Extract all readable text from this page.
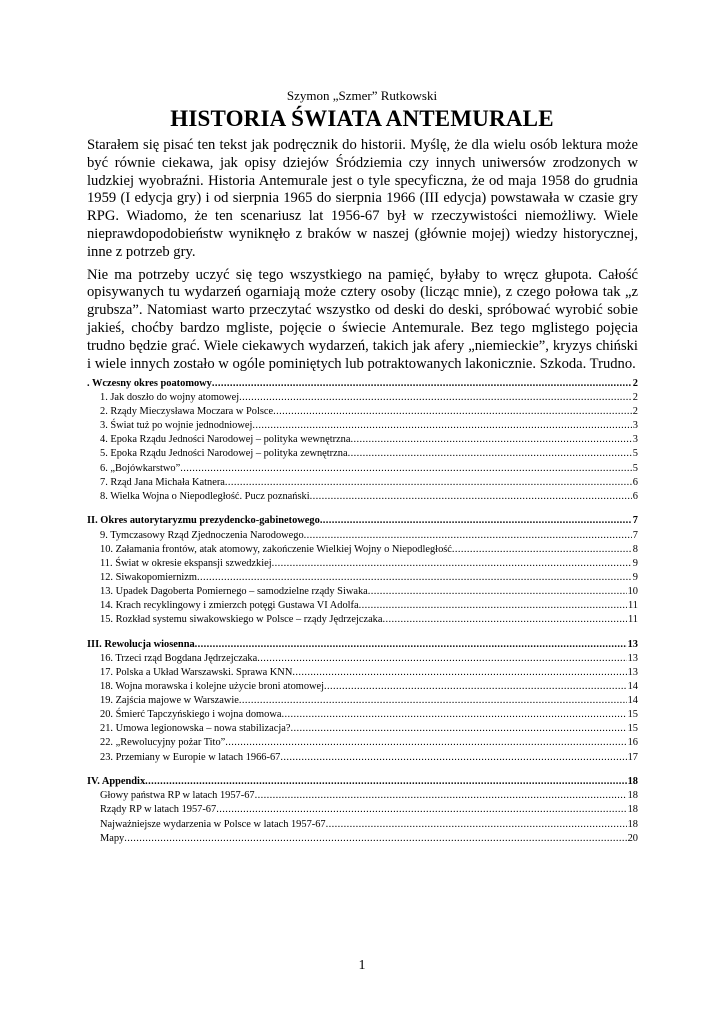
Szymon „Szmer” Rutkowski
HISTORIA ŚWIATA ANTEMURALE

Starałem się pisać ten tekst jak podręcznik do historii. Myślę, że dla wielu osób lektura może być równie ciekawa, jak opisy dziejów Śródziemia czy innych uniwersów zrodzonych w ludzkiej wyobraźni. Historia Antemurale jest o tyle specyficzna, że od maja 1958 do grudnia 1959 (I edycja gry) i od sierpnia 1965 do sierpnia 1966 (III edycja) powstawała w czasie gry RPG. Wiadomo, że ten scenariusz lat 1956-67 był w rzeczywistości niemożliwy. Wiele nieprawdopodobieństw wyniknęło z braków w naszej (głównie mojej) wiedzy historycznej, inne z potrzeb gry.

Nie ma potrzeby uczyć się tego wszystkiego na pamięć, byłaby to wręcz głupota. Całość opisywanych tu wydarzeń ogarniają może cztery osoby (licząc mnie), z czego połowa tak „z grubsza”. Natomiast warto przeczytać wszystko od deski do deski, spróbować wyrobić sobie jakieś, choćby bardzo mgliste, pojęcie o świecie Antemurale. Bez tego mglistego pojęcia trudno będzie grać. Wiele ciekawych wydarzeń, takich jak afery „niemieckie”, kryzys chiński i wiele innych zostało w ogóle pominiętych lub potraktowanych lakonicznie. Szkoda. Trudno.

. Wczesny okres poatomowy .....	2
1. Jak doszło do wojny atomowej .....	2
2. Rządy Mieczysława Moczara w Polsce .....	2
3. Świat tuż po wojnie jednodniowej .....	3
4. Epoka Rządu Jedności Narodowej – polityka wewnętrzna .....	3
5. Epoka Rządu Jedności Narodowej – polityka zewnętrzna .....	5
6. „Bojówkarstwo” .....	5
7. Rząd Jana Michała Katnera .....	6
8. Wielka Wojna o Niepodległość. Pucz poznański .....	6
II. Okres autorytaryzmu prezydencko-gabinetowego .....	7
9. Tymczasowy Rząd Zjednoczenia Narodowego .....	7
10. Załamania frontów, atak atomowy, zakończenie Wielkiej Wojny o Niepodległość .....	8
11. Świat w okresie ekspansji szwedzkiej .....	9
12. Siwakopomiernizm .....	9
13. Upadek Dagoberta Pomiernego – samodzielne rządy Siwaka .....	10
14. Krach recyklingowy i zmierzch potęgi Gustawa VI Adolfa .....	11
15. Rozkład systemu siwakowskiego w Polsce – rządy Jędrzejczaka .....	11
III. Rewolucja wiosenna .....	13
16. Trzeci rząd Bogdana Jędrzejczaka .....	13
17. Polska a Układ Warszawski. Sprawa KNN .....	13
18. Wojna morawska i kolejne użycie broni atomowej .....	14
19. Zajścia majowe w Warszawie .....	14
20. Śmierć Tapczyńskiego i wojna domowa .....	15
21. Umowa legionowska – nowa stabilizacja? .....	15
22. „Rewolucyjny pożar Tito” .....	16
23. Przemiany w Europie w latach 1966-67 .....	17
IV. Appendix .....	18
Głowy państwa RP w latach 1957-67 .....	18
Rządy RP w latach 1957-67 .....	18
Najważniejsze wydarzenia w Polsce w latach 1957-67 .....	18
Mapy .....	20
1
